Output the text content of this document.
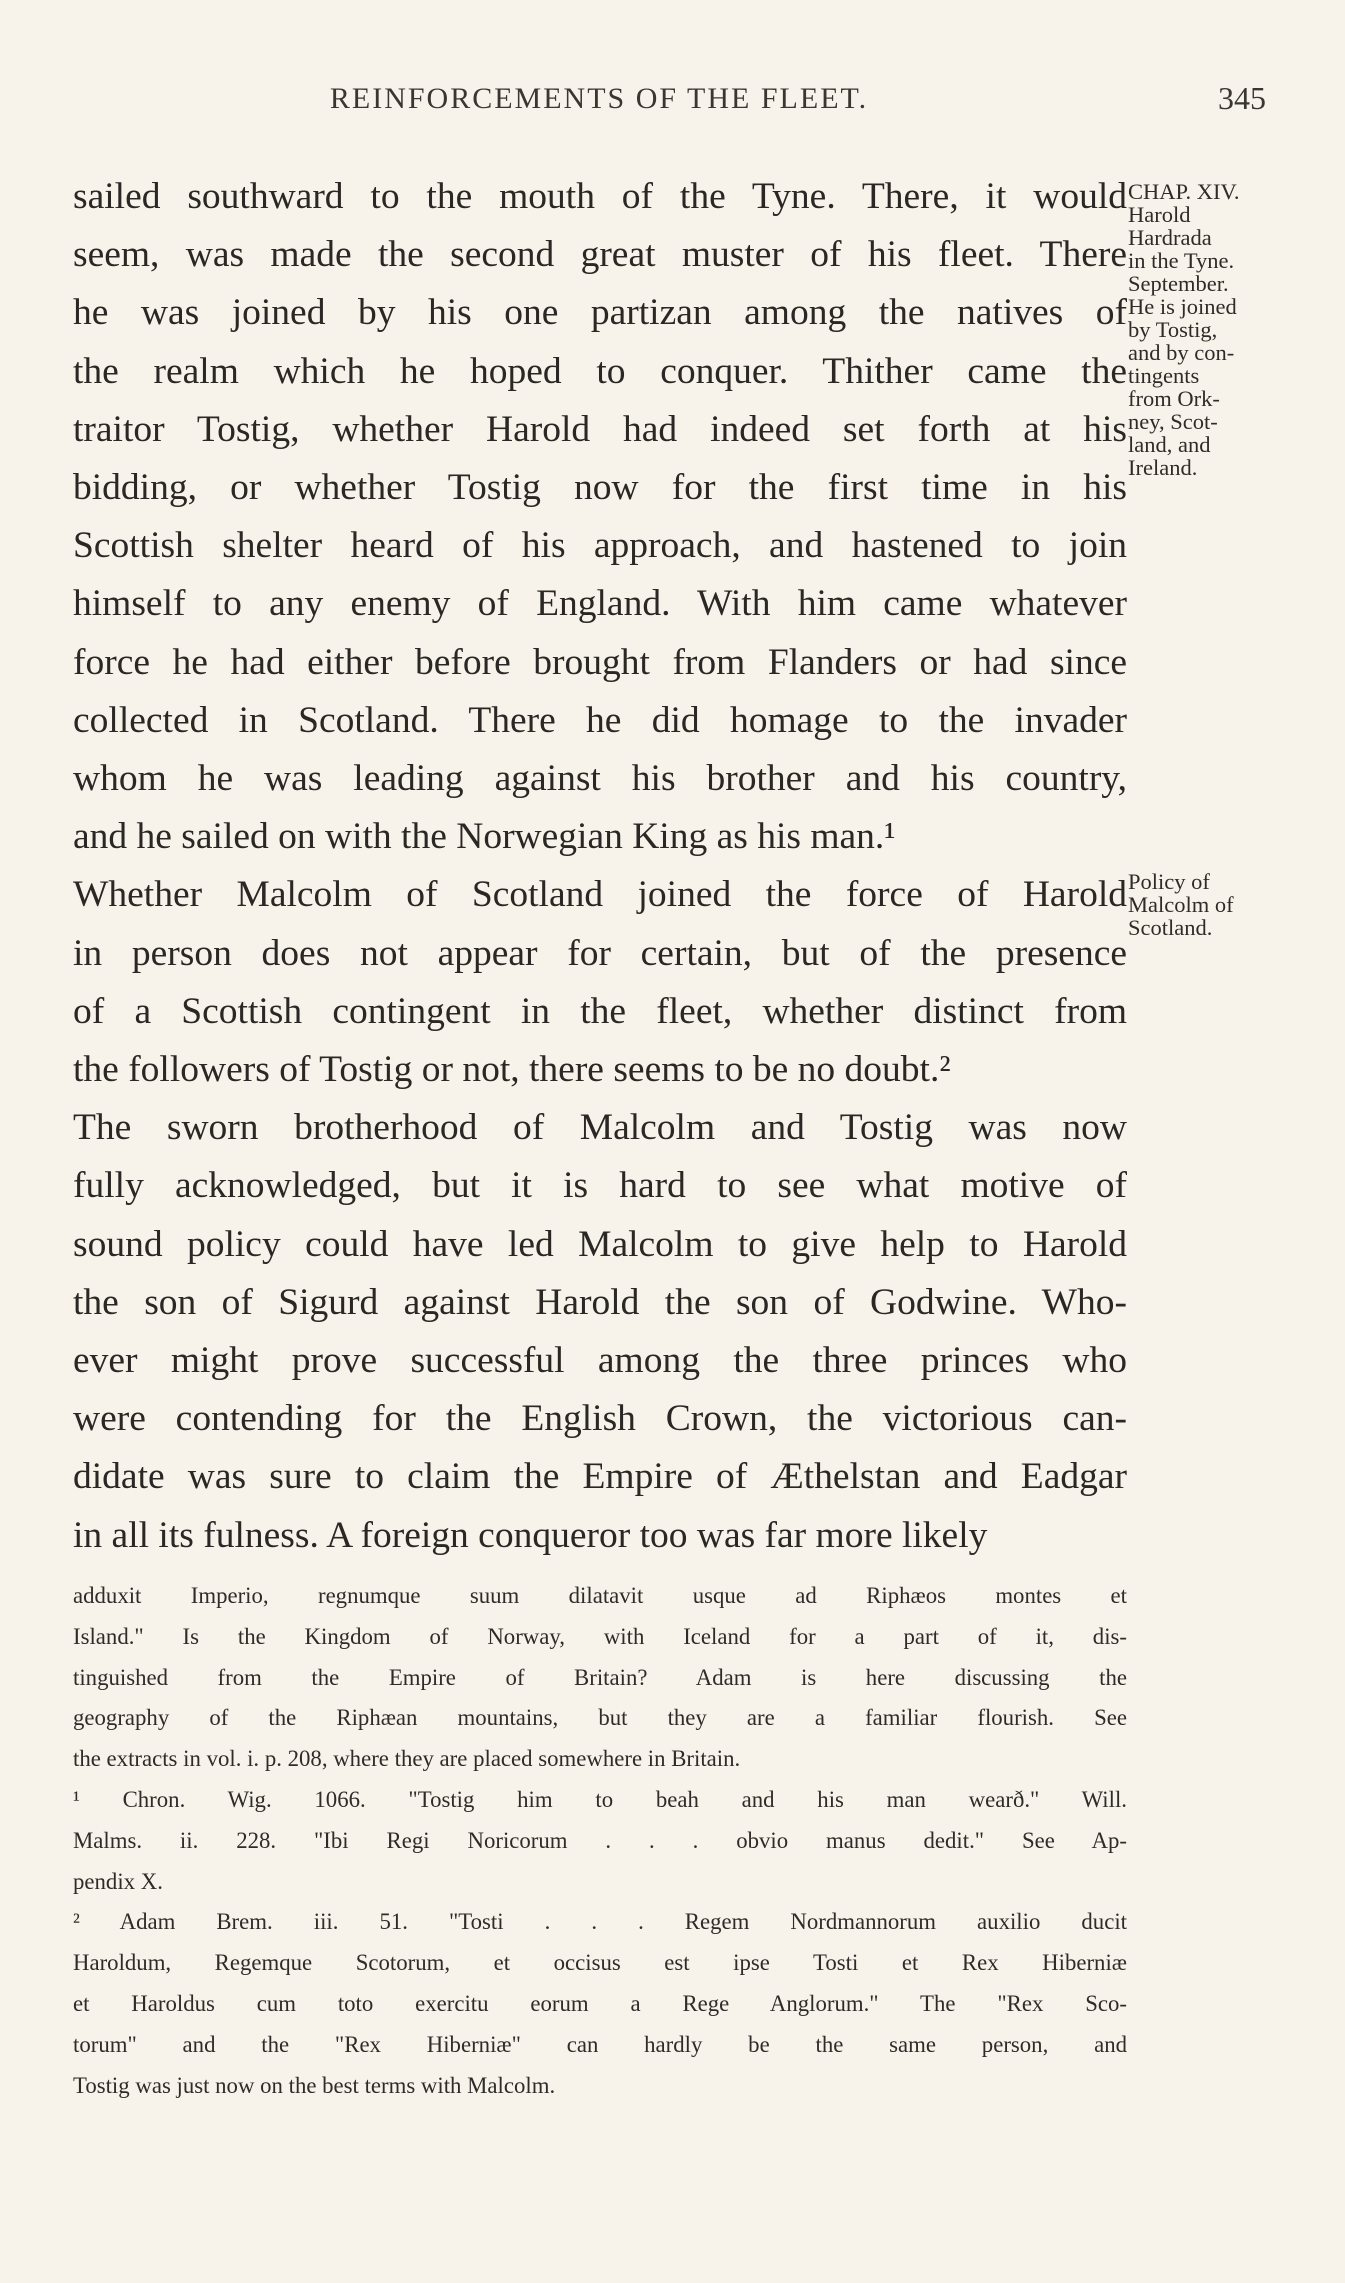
REINFORCEMENTS OF THE FLEET.	345
sailed southward to the mouth of the Tyne. There, it would
seem, was made the second great muster of his fleet. There
he was joined by his one partizan among the natives of
the realm which he hoped to conquer. Thither came the
traitor Tostig, whether Harold had indeed set forth at his
bidding, or whether Tostig now for the first time in his
Scottish shelter heard of his approach, and hastened to join
himself to any enemy of England. With him came whatever
force he had either before brought from Flanders or had since
collected in Scotland. There he did homage to the invader
whom he was leading against his brother and his country,
and he sailed on with the Norwegian King as his man.¹
Whether Malcolm of Scotland joined the force of Harold
in person does not appear for certain, but of the presence
of a Scottish contingent in the fleet, whether distinct from
the followers of Tostig or not, there seems to be no doubt.²
The sworn brotherhood of Malcolm and Tostig was now
fully acknowledged, but it is hard to see what motive of
sound policy could have led Malcolm to give help to Harold
the son of Sigurd against Harold the son of Godwine. Who-
ever might prove successful among the three princes who
were contending for the English Crown, the victorious can-
didate was sure to claim the Empire of Æthelstan and Eadgar
in all its fulness. A foreign conqueror too was far more likely
CHAP. XIV.
Harold
Hardrada
in the Tyne.
September.
He is joined
by Tostig,
and by con-
tingents
from Ork-
ney, Scot-
land, and
Ireland.
Policy of
Malcolm of
Scotland.
adduxit Imperio, regnumque suum dilatavit usque ad Riphæos montes et
Island." Is the Kingdom of Norway, with Iceland for a part of it, dis-
tinguished from the Empire of Britain? Adam is here discussing the
geography of the Riphæan mountains, but they are a familiar flourish. See
the extracts in vol. i. p. 208, where they are placed somewhere in Britain.
¹ Chron. Wig. 1066. "Tostig him to beah and his man wearð." Will.
Malms. ii. 228. "Ibi Regi Noricorum . . . obvio manus dedit." See Ap-
pendix X.
² Adam Brem. iii. 51. "Tosti . . . Regem Nordmannorum auxilio ducit
Haroldum, Regemque Scotorum, et occisus est ipse Tosti et Rex Hiberniæ
et Haroldus cum toto exercitu eorum a Rege Anglorum." The "Rex Sco-
torum" and the "Rex Hiberniæ" can hardly be the same person, and
Tostig was just now on the best terms with Malcolm.
